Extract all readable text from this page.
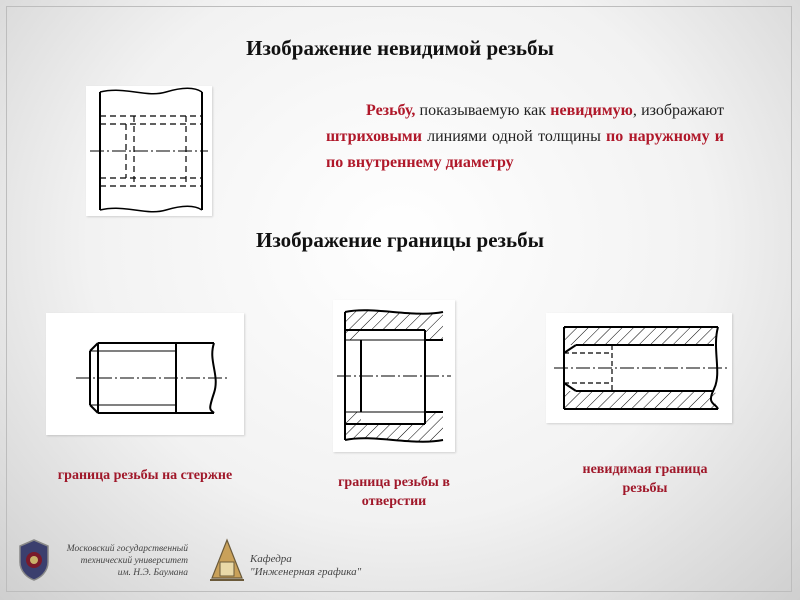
Изображение невидимой резьбы
Резьбу, показываемую как невидимую, изображают штриховыми линиями одной толщины по наружному и по внутреннему диаметру
Изображение границы резьбы
граница резьбы на стержне	граница резьбы в отверстии
невидимая граница резьбы
Московский государственный
технический университет
им. Н.Э. Баумана
Кафедра
"Инженерная графика"
